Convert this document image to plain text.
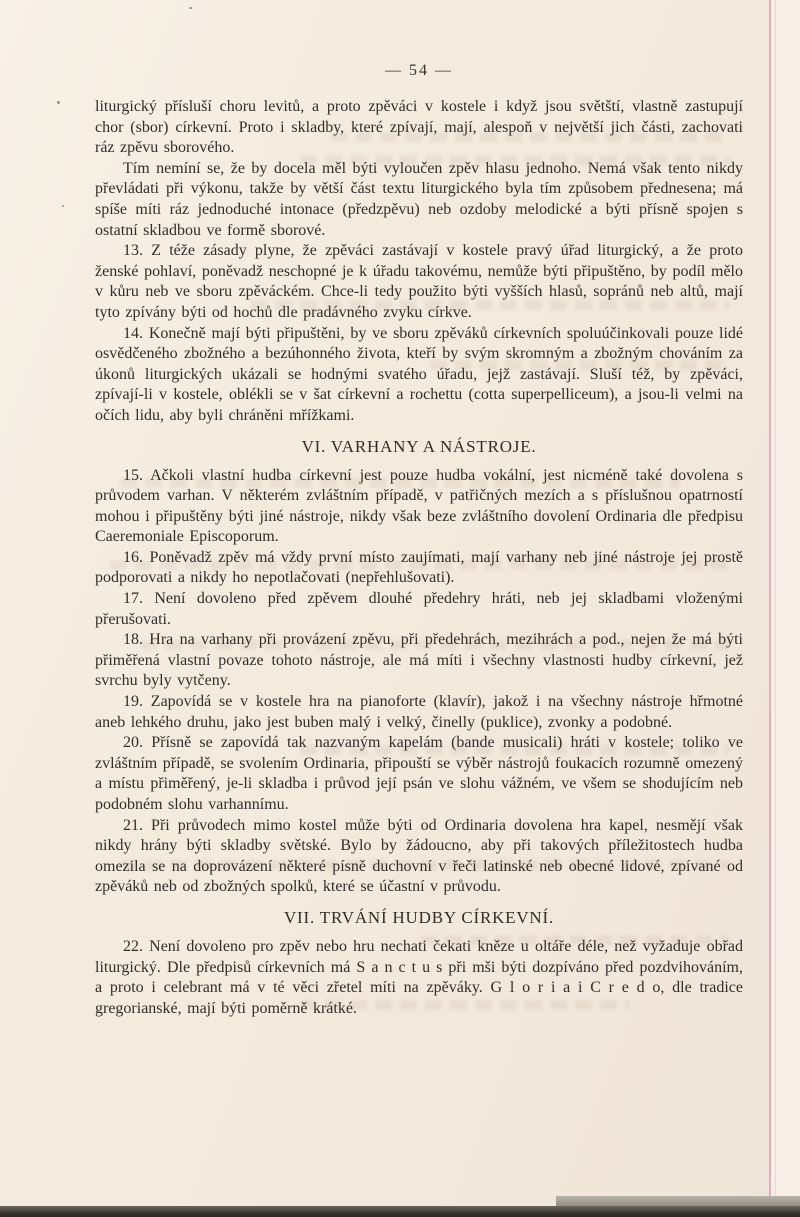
— 54 —

liturgický přísluší choru levitů, a proto zpěváci v kostele i když jsou světští, vlastně zastupují chor (sbor) církevní. Proto i skladby, které zpívají, mají, alespoň v největší jich části, zachovati ráz zpěvu sborového.

Tím nemíní se, že by docela měl býti vyloučen zpěv hlasu jednoho. Nemá však tento nikdy převládati při výkonu, takže by větší část textu liturgického byla tím způsobem přednesena; má spíše míti ráz jednoduché intonace (předzpěvu) neb ozdoby melodické a býti přísně spojen s ostatní skladbou ve formě sborové.

13. Z téže zásady plyne, že zpěváci zastávají v kostele pravý úřad liturgický, a že proto ženské pohlaví, poněvadž neschopné je k úřadu takovému, nemůže býti připuštěno, by podíl mělo v kůru neb ve sboru zpěváckém. Chce-li tedy použito býti vyšších hlasů, sopránů neb altů, mají tyto zpívány býti od hochů dle pradávného zvyku církve.

14. Konečně mají býti připuštěni, by ve sboru zpěváků církevních spoluúčinkovali pouze lidé osvědčeného zbožného a bezúhonného života, kteří by svým skromným a zbožným chováním za úkonů liturgických ukázali se hodnými svatého úřadu, jejž zastávají. Sluší též, by zpěváci, zpívají-li v kostele, oblékli se v šat církevní a rochettu (cotta superpelliceum), a jsou-li velmi na očích lidu, aby byli chráněni mřížkami.

VI. VARHANY A NÁSTROJE.

15. Ačkoli vlastní hudba církevní jest pouze hudba vokální, jest nicméně také dovolena s průvodem varhan. V některém zvláštním případě, v patřičných mezích a s příslušnou opatrností mohou i připuštěny býti jiné nástroje, nikdy však beze zvláštního dovolení Ordinaria dle předpisu Caeremoniale Episcoporum.

16. Poněvadž zpěv má vždy první místo zaujímati, mají varhany neb jiné nástroje jej prostě podporovati a nikdy ho nepotlačovati (nepřehlušovati).

17. Není dovoleno před zpěvem dlouhé předehry hráti, neb jej skladbami vloženými přerušovati.

18. Hra na varhany při provázení zpěvu, při předehrách, mezihrách a pod., nejen že má býti přiměřená vlastní povaze tohoto nástroje, ale má míti i všechny vlastnosti hudby církevní, jež svrchu byly vytčeny.

19. Zapovídá se v kostele hra na pianoforte (klavír), jakož i na všechny nástroje hřmotné aneb lehkého druhu, jako jest buben malý i velký, činelly (puklice), zvonky a podobné.

20. Přísně se zapovídá tak nazvaným kapelám (bande musicali) hráti v kostele; toliko ve zvláštním případě, se svolením Ordinaria, připouští se výběr nástrojů foukacích rozumně omezený a místu přiměřený, je-li skladba i průvod její psán ve slohu vážném, ve všem se shodujícím neb podobném slohu varhannímu.

21. Při průvodech mimo kostel může býti od Ordinaria dovolena hra kapel, nesmějí však nikdy hrány býti skladby světské. Bylo by žádoucno, aby při takových příležitostech hudba omezila se na doprovázení některé písně duchovní v řeči latinské neb obecné lidové, zpívané od zpěváků neb od zbožných spolků, které se účastní v průvodu.

VII. TRVÁNÍ HUDBY CÍRKEVNÍ.

22. Není dovoleno pro zpěv nebo hru nechati čekati kněze u oltáře déle, než vyžaduje obřad liturgický. Dle předpisů církevních má S a n c t u s při mši býti dozpíváno před pozdvihováním, a proto i celebrant má v té věci zřetel míti na zpěváky. G l o r i a i C r e d o, dle tradice gregorianské, mají býti poměrně krátké.
